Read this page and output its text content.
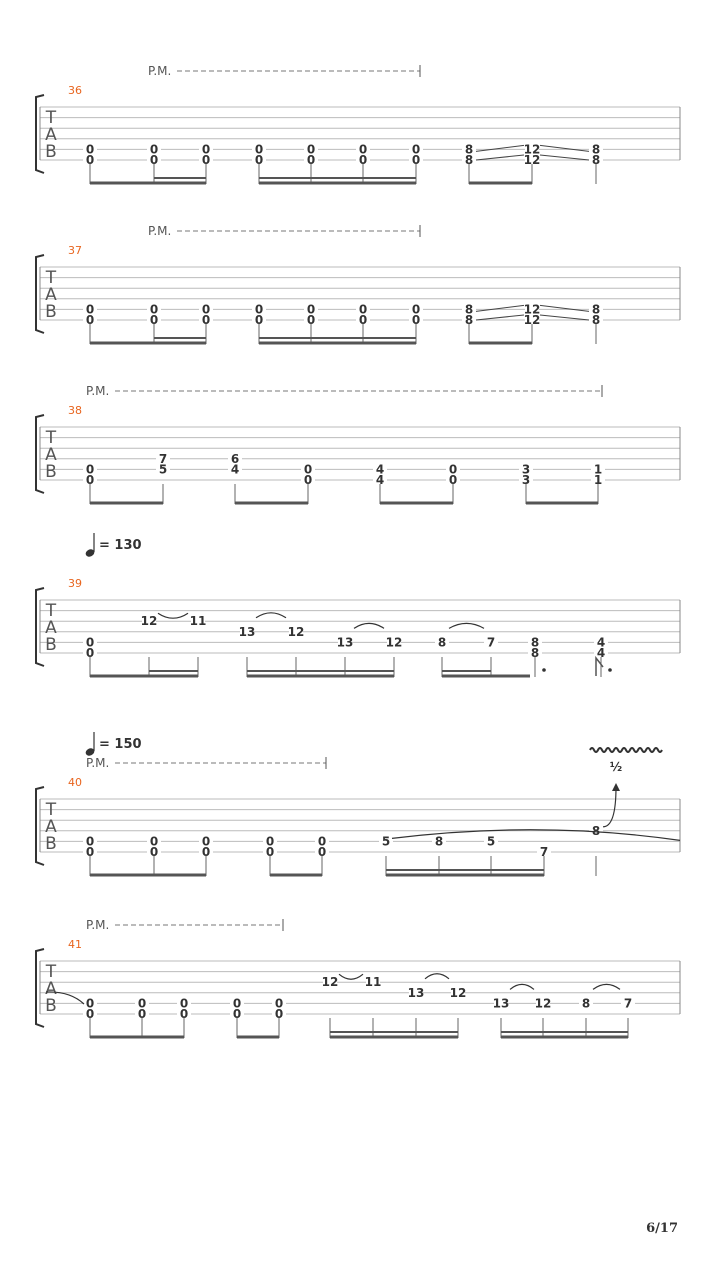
T
A
B
36
P.M.
0
0
0
0
0
0
0
0
0
0
0
0
0
0
8
8
12
12
8
8
T
A
B
37
P.M.
0
0
0
0
0
0
0
0
0
0
0
0
0
0
8
8
12
12
8
8
T
A
B
38
P.M.
0
0
7
5
6
4	0
0
4
4
0
0
3
3
1
1
T
A
B
39
= 130
0
0
12	11
13	12
13	12	8	7	8
8
4
4
T
A
B
40
P.M.
= 150
0
0
0
0
0
0
0
0
0
0
5	8	5
7
8
T
A
B
41
P.M.
0
0
0
0
0
0
0
0
0
0
12 11
13 12
13 12	8	7
½
6/17
